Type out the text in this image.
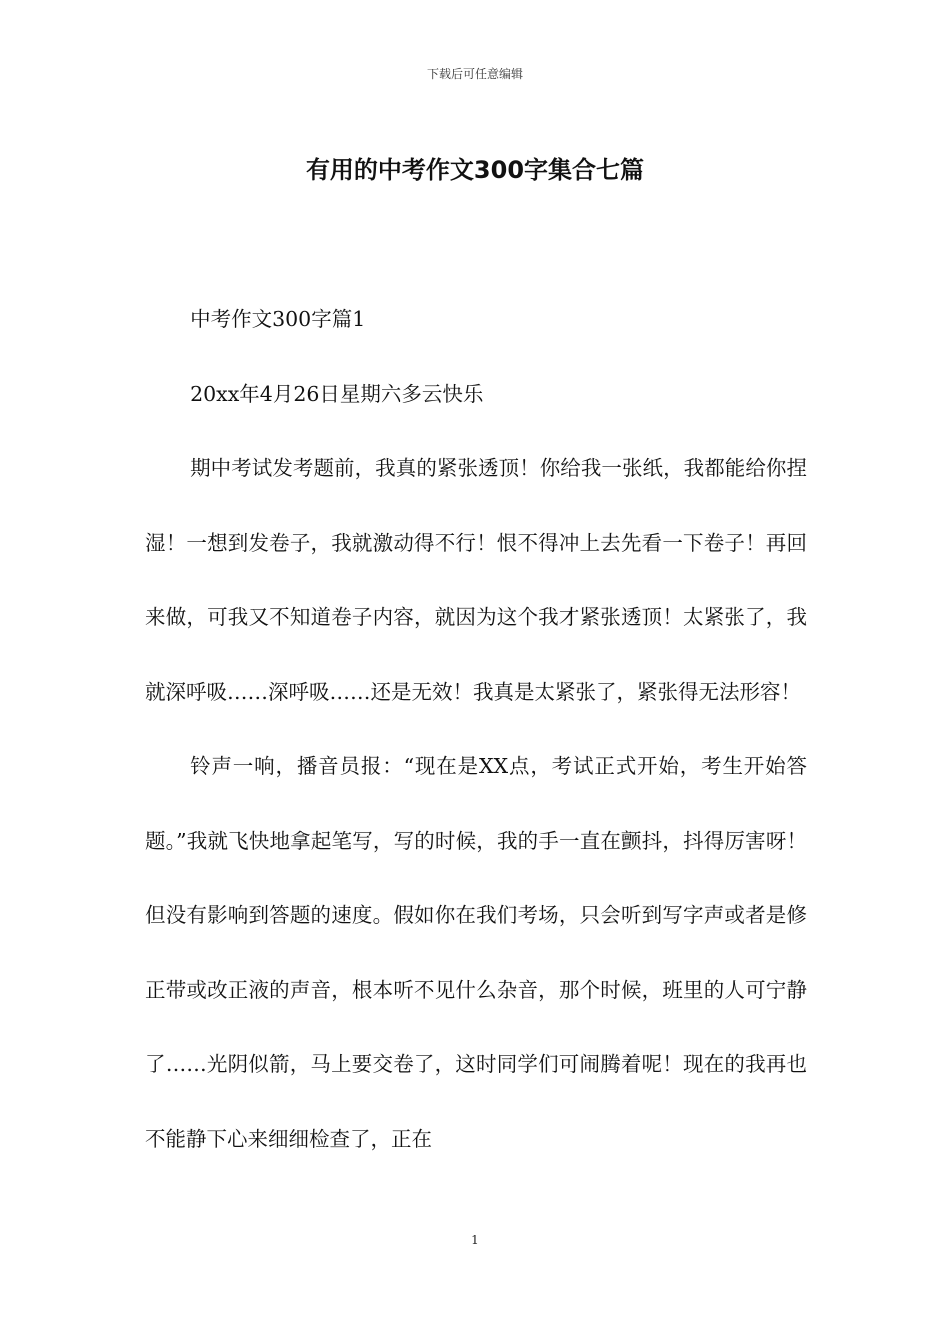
下载后可任意编辑
有用的中考作文300字集合七篇

中考作文300字篇1

20xx年4月26日星期六多云快乐

期中考试发考题前，我真的紧张透顶！你给我一张纸，我都能给你捏湿！一想到发卷子，我就激动得不行！恨不得冲上去先看一下卷子！再回来做，可我又不知道卷子内容，就因为这个我才紧张透顶！太紧张了，我就深呼吸……深呼吸……还是无效！我真是太紧张了，紧张得无法形容！

铃声一响，播音员报：“现在是XX点，考试正式开始，考生开始答题。”我就飞快地拿起笔写，写的时候，我的手一直在颤抖，抖得厉害呀！但没有影响到答题的速度。假如你在我们考场，只会听到写字声或者是修正带或改正液的声音，根本听不见什么杂音，那个时候，班里的人可宁静了……光阴似箭，马上要交卷了，这时同学们可闹腾着呢！现在的我再也不能静下心来细细检查了，正在

1
